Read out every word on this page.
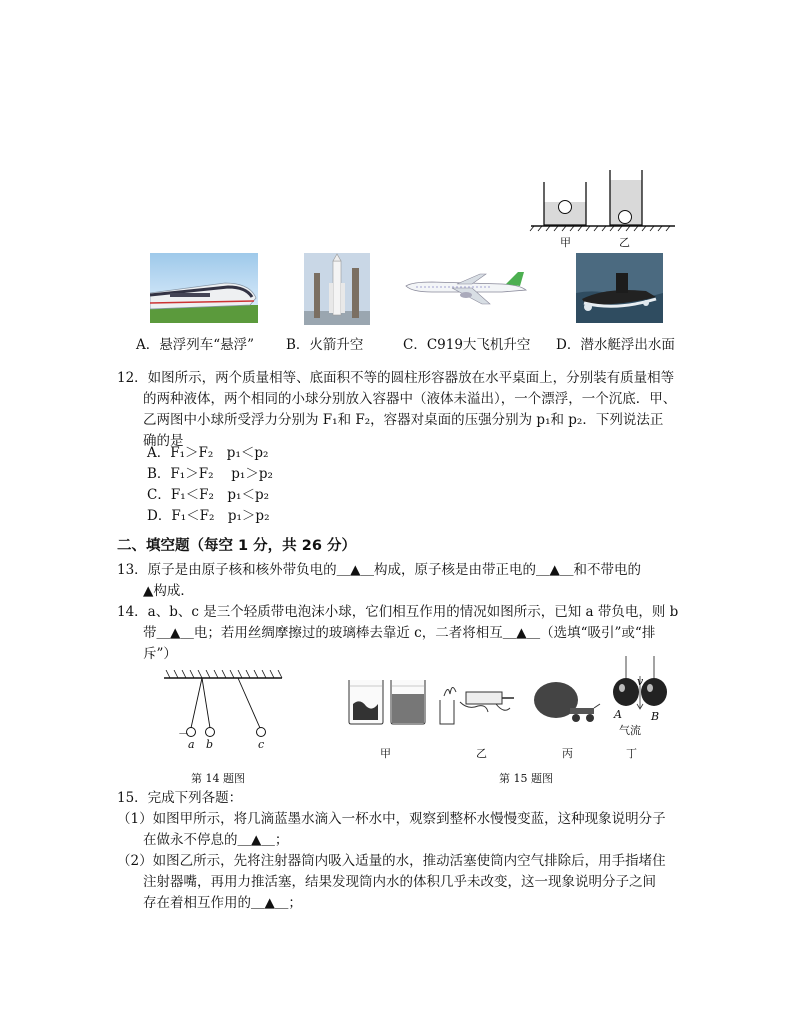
甲	乙
A．悬浮列车“悬浮” B．火箭升空	C．C919大飞机升空 D．潜水艇浮出水面
12．如图所示，两个质量相等、底面积不等的圆柱形容器放在水平桌面上，分别装有质量相等
的两种液体，两个相同的小球分别放入容器中（液体未溢出），一个漂浮，一个沉底．甲、
乙两图中小球所受浮力分别为 F₁和 F₂，容器对桌面的压强分别为 p₁和 p₂．下列说法正
确的是
A．F₁＞F₂　p₁＜p₂
B．F₁＞F₂　 p₁＞p₂
C．F₁＜F₂　p₁＜p₂
D．F₁＜F₂　p₁＞p₂
二、填空题（每空 1 分，共 26 分）
13．原子是由原子核和核外带负电的＿▲＿构成，原子核是由带正电的＿▲＿和不带电的
▲构成．
14．a、b、c 是三个轻质带电泡沫小球，它们相互作用的情况如图所示，已知 a 带负电，则 b
带＿▲＿电；若用丝绸摩擦过的玻璃棒去靠近 c，二者将相互＿▲＿（选填“吸引”或“排
斥”）
－
a b	c
v
A	B
气流
甲	乙	丙	丁
第 14 题图	第 15 题图
15．完成下列各题：
（1）如图甲所示，将几滴蓝墨水滴入一杯水中，观察到整杯水慢慢变蓝，这种现象说明分子
在做永不停息的＿▲＿；
（2）如图乙所示，先将注射器筒内吸入适量的水，推动活塞使筒内空气排除后，用手指堵住
注射器嘴，再用力推活塞，结果发现筒内水的体积几乎未改变，这一现象说明分子之间
存在着相互作用的＿▲＿；
